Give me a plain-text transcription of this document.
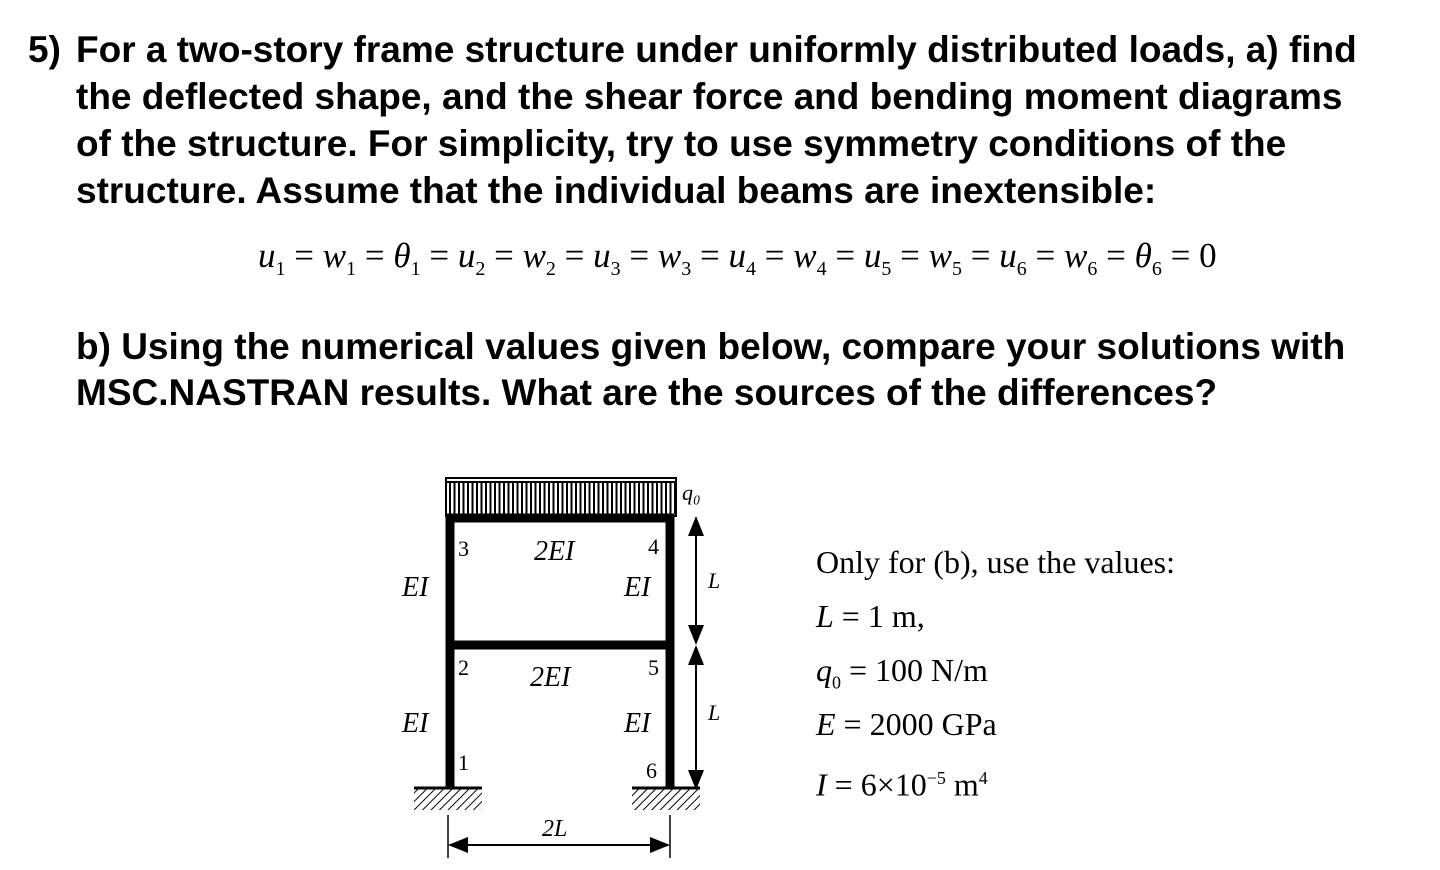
5) For a two-story frame structure under uniformly distributed loads, a) find
the deflected shape, and the shear force and bending moment diagrams
of the structure. For simplicity, try to use symmetry conditions of the
structure. Assume that the individual beams are inextensible:
$u_1 = w_1 = \theta_1 = u_2 = w_2 = u_3 = w_3 = u_4 = w_4 = u_5 = w_5 = u_6 = w_6 = \theta_6 = 0$
b) Using the numerical values given below, compare your solutions with
MSC.NASTRAN results. What are the sources of the differences?
q₀
3	4
2	5
1	6
2EI
2EI
EI	EI
EI	EI
L
L
2L
Only for (b), use the values:
L = 1 m,
$q_0 = 100$ N/m
E = 2000 GPa
$I = 6\times 10^{-5}$ $m^4$
